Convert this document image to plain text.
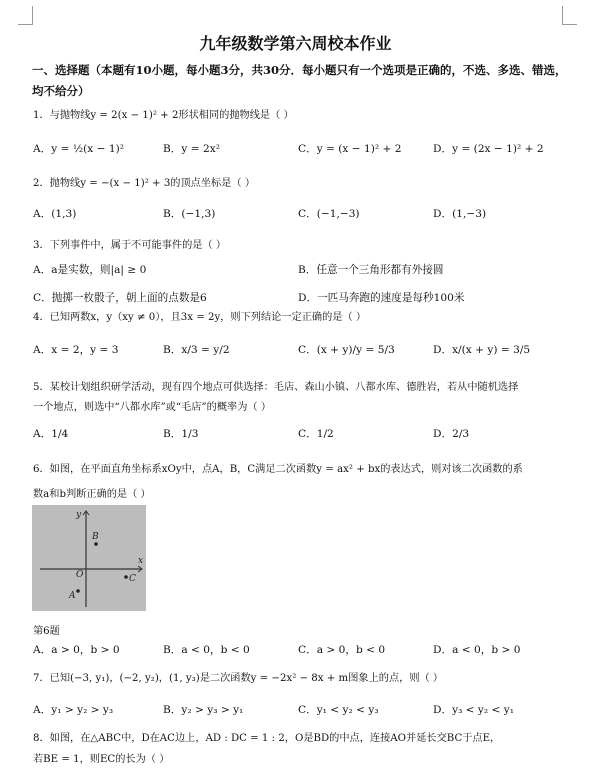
九年级数学第六周校本作业
一、选择题（本题有10小题，每小题3分，共30分．每小题只有一个选项是正确的，不选、多选、错选，均不给分）
1．与抛物线y = 2(x − 1)² + 2形状相同的抛物线是（ ）
A．y = ½(x − 1)²	B．y = 2x²	C．y = (x − 1)² + 2	D．y = (2x − 1)² + 2
2．抛物线y = −(x − 1)² + 3的顶点坐标是（ ）
A．(1,3)	B．(−1,3)	C．(−1,−3)	D．(1,−3)
3．下列事件中，属于不可能事件的是（ ）
A．a是实数，则|a| ≥ 0	B．任意一个三角形都有外接圆
C．抛掷一枚骰子，朝上面的点数是6	D．一匹马奔跑的速度是每秒100米
4．已知两数x，y（xy ≠ 0），且3x = 2y，则下列结论一定正确的是（ ）
A．x = 2，y = 3	B．x/3 = y/2	C．(x + y)/y = 5/3	D．x/(x + y) = 3/5
5．某校计划组织研学活动，现有四个地点可供选择：毛店、森山小镇、八都水库、德胜岩，若从中随机选择
一个地点，则选中“八都水库”或“毛店”的概率为（ ）
A．1/4	B．1/3	C．1/2	D．2/3
6．如图，在平面直角坐标系xOy中，点A，B，C满足二次函数y = ax² + bx的表达式，则对该二次函数的系
数a和b判断正确的是（ ）
y
x
O
B
C
A
第6题
A．a > 0，b > 0	B．a < 0，b < 0	C．a > 0，b < 0	D．a < 0，b > 0
7．已知(−3, y₁)，(−2, y₂)，(1, y₃)是二次函数y = −2x² − 8x + m图象上的点，则（ ）
A．y₁ > y₂ > y₃	B．y₂ > y₃ > y₁	C．y₁ < y₂ < y₃	D．y₃ < y₂ < y₁
8．如图，在△ABC中，D在AC边上，AD : DC = 1 : 2，O是BD的中点，连接AO并延长交BC于点E，
若BE = 1，则EC的长为（ ）
